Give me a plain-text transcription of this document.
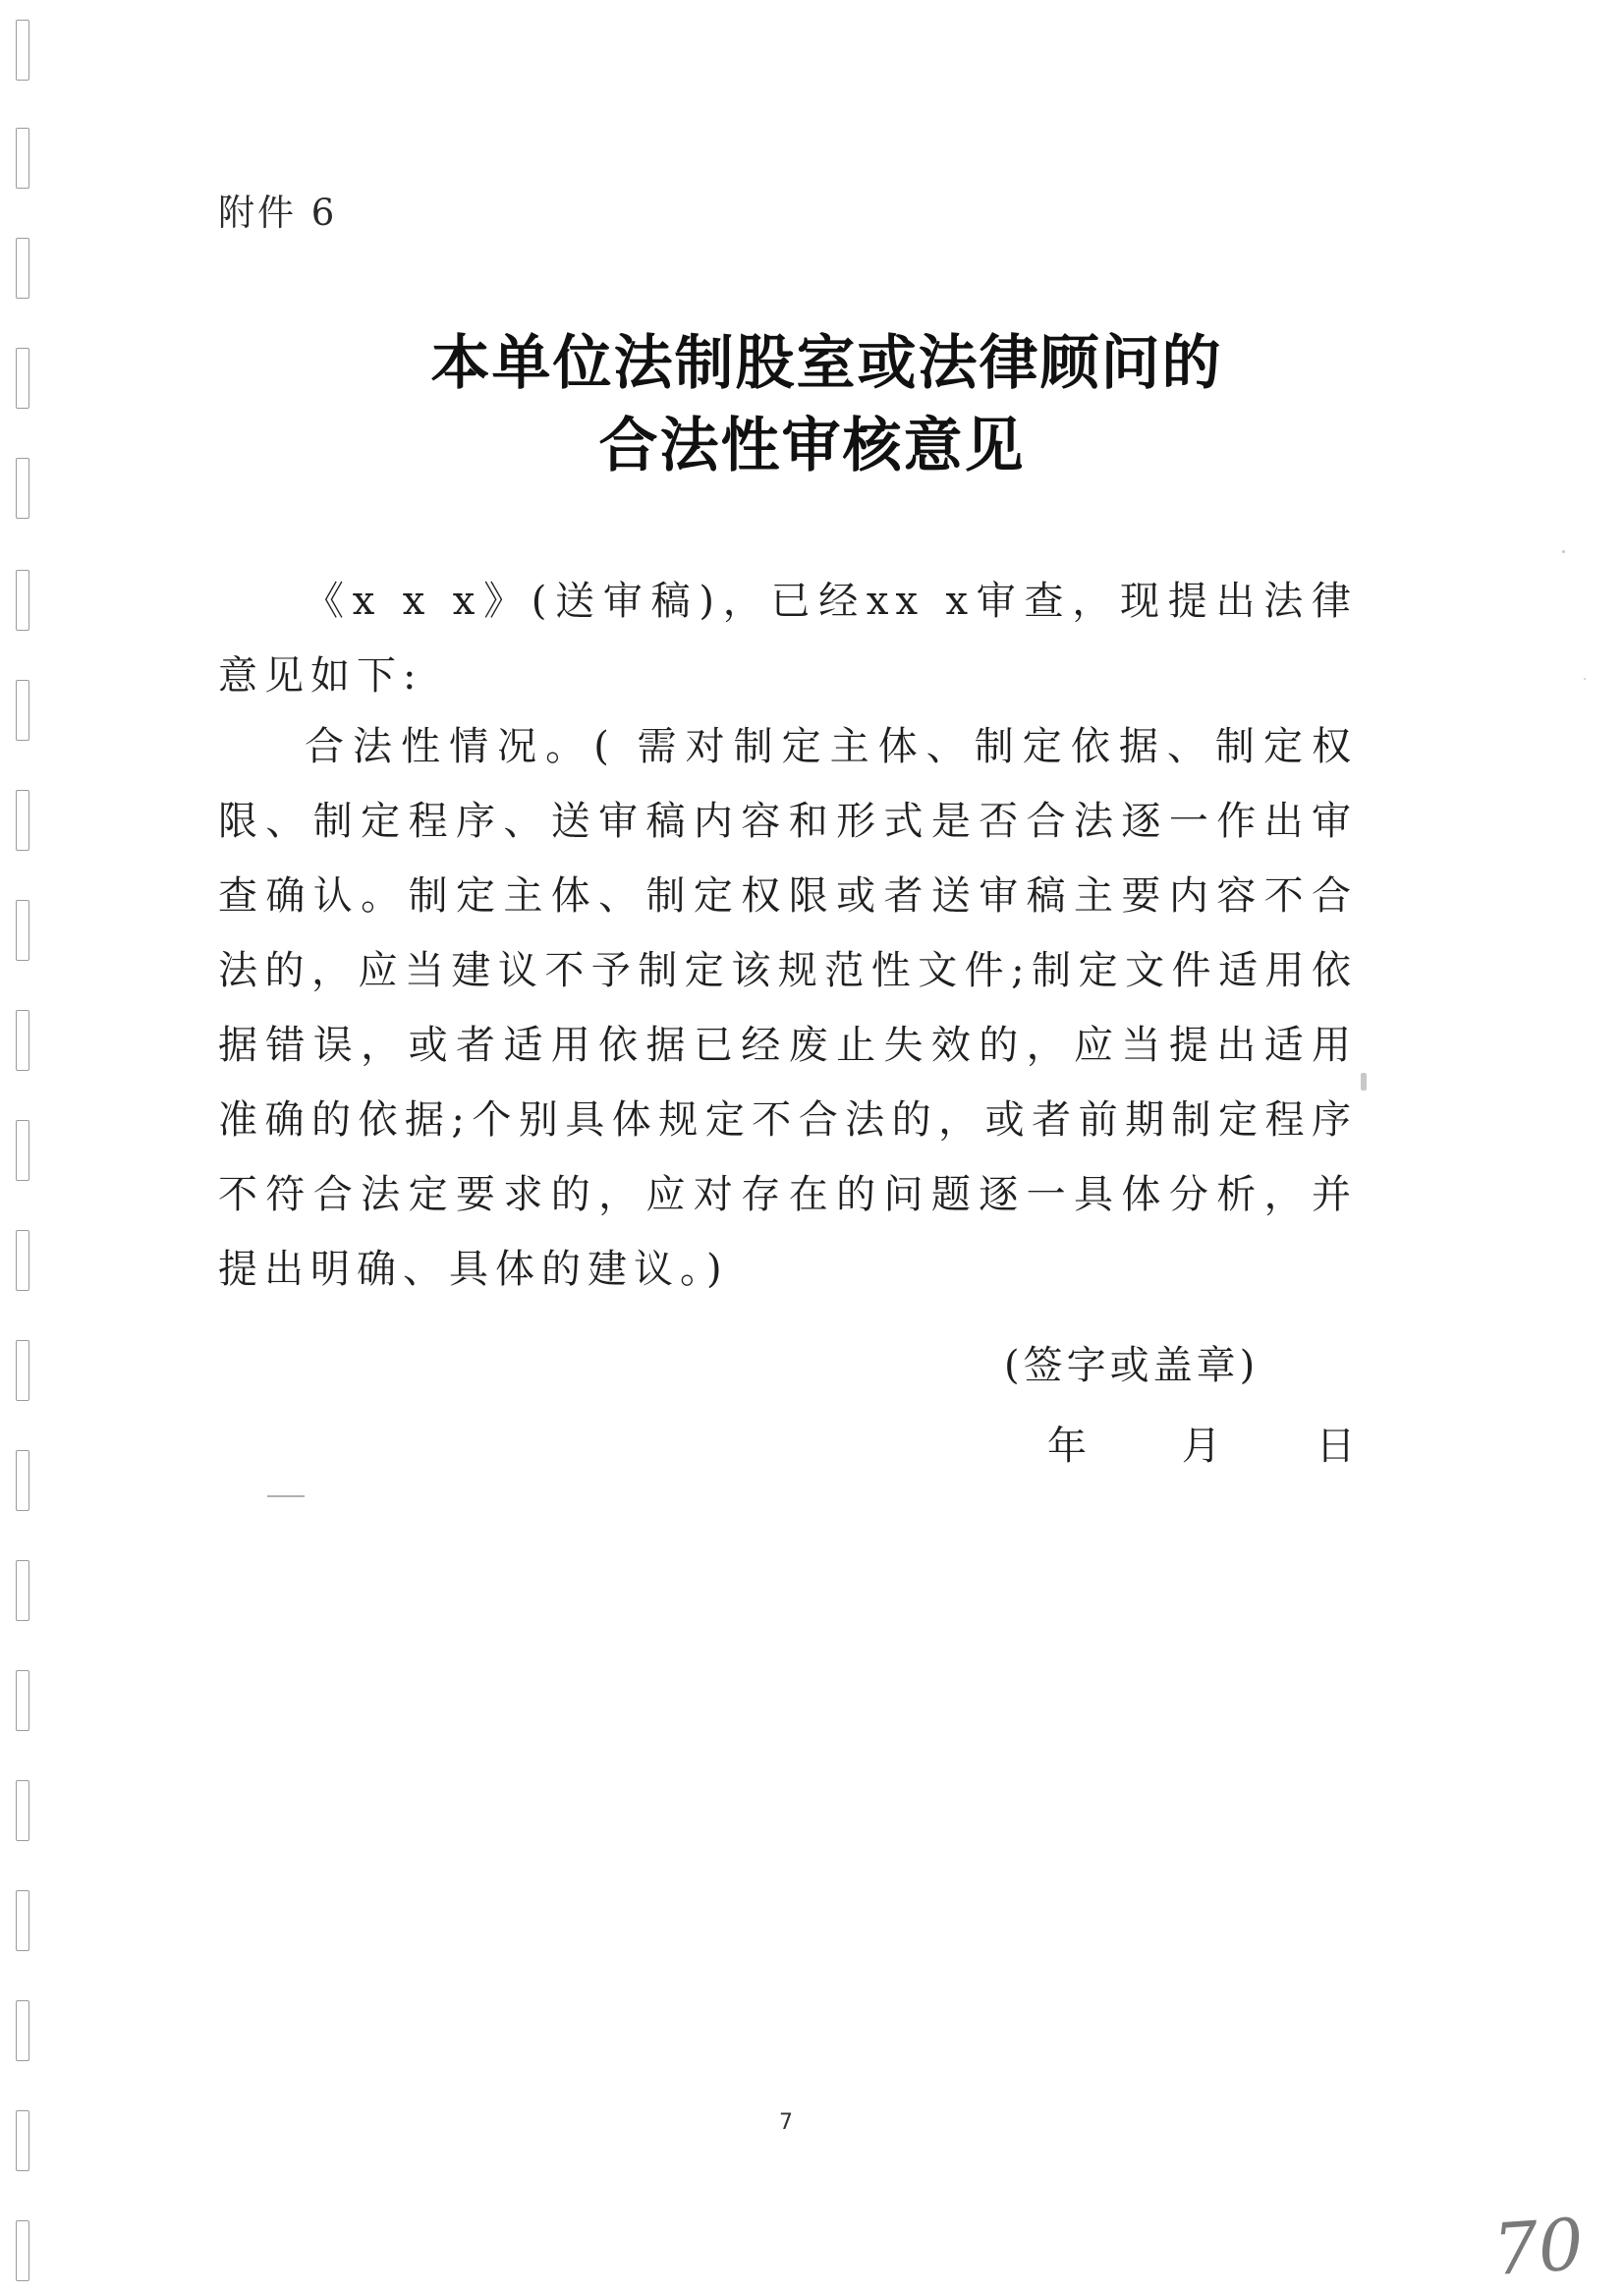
附件 6
本单位法制股室或法律顾问的
合法性审核意见
《x x x》(送审稿)，已经xx x审查，现提出法律意见如下:
合法性情况。( 需对制定主体、制定依据、制定权限、制定程序、送审稿内容和形式是否合法逐一作出审查确认。制定主体、制定权限或者送审稿主要内容不合法的，应当建议不予制定该规范性文件;制定文件适用依据错误，或者适用依据已经废止失效的，应当提出适用准确的依据;个别具体规定不合法的，或者前期制定程序不符合法定要求的，应对存在的问题逐一具体分析，并提出明确、具体的建议。)
(签字或盖章)
年 月 日
7
70
